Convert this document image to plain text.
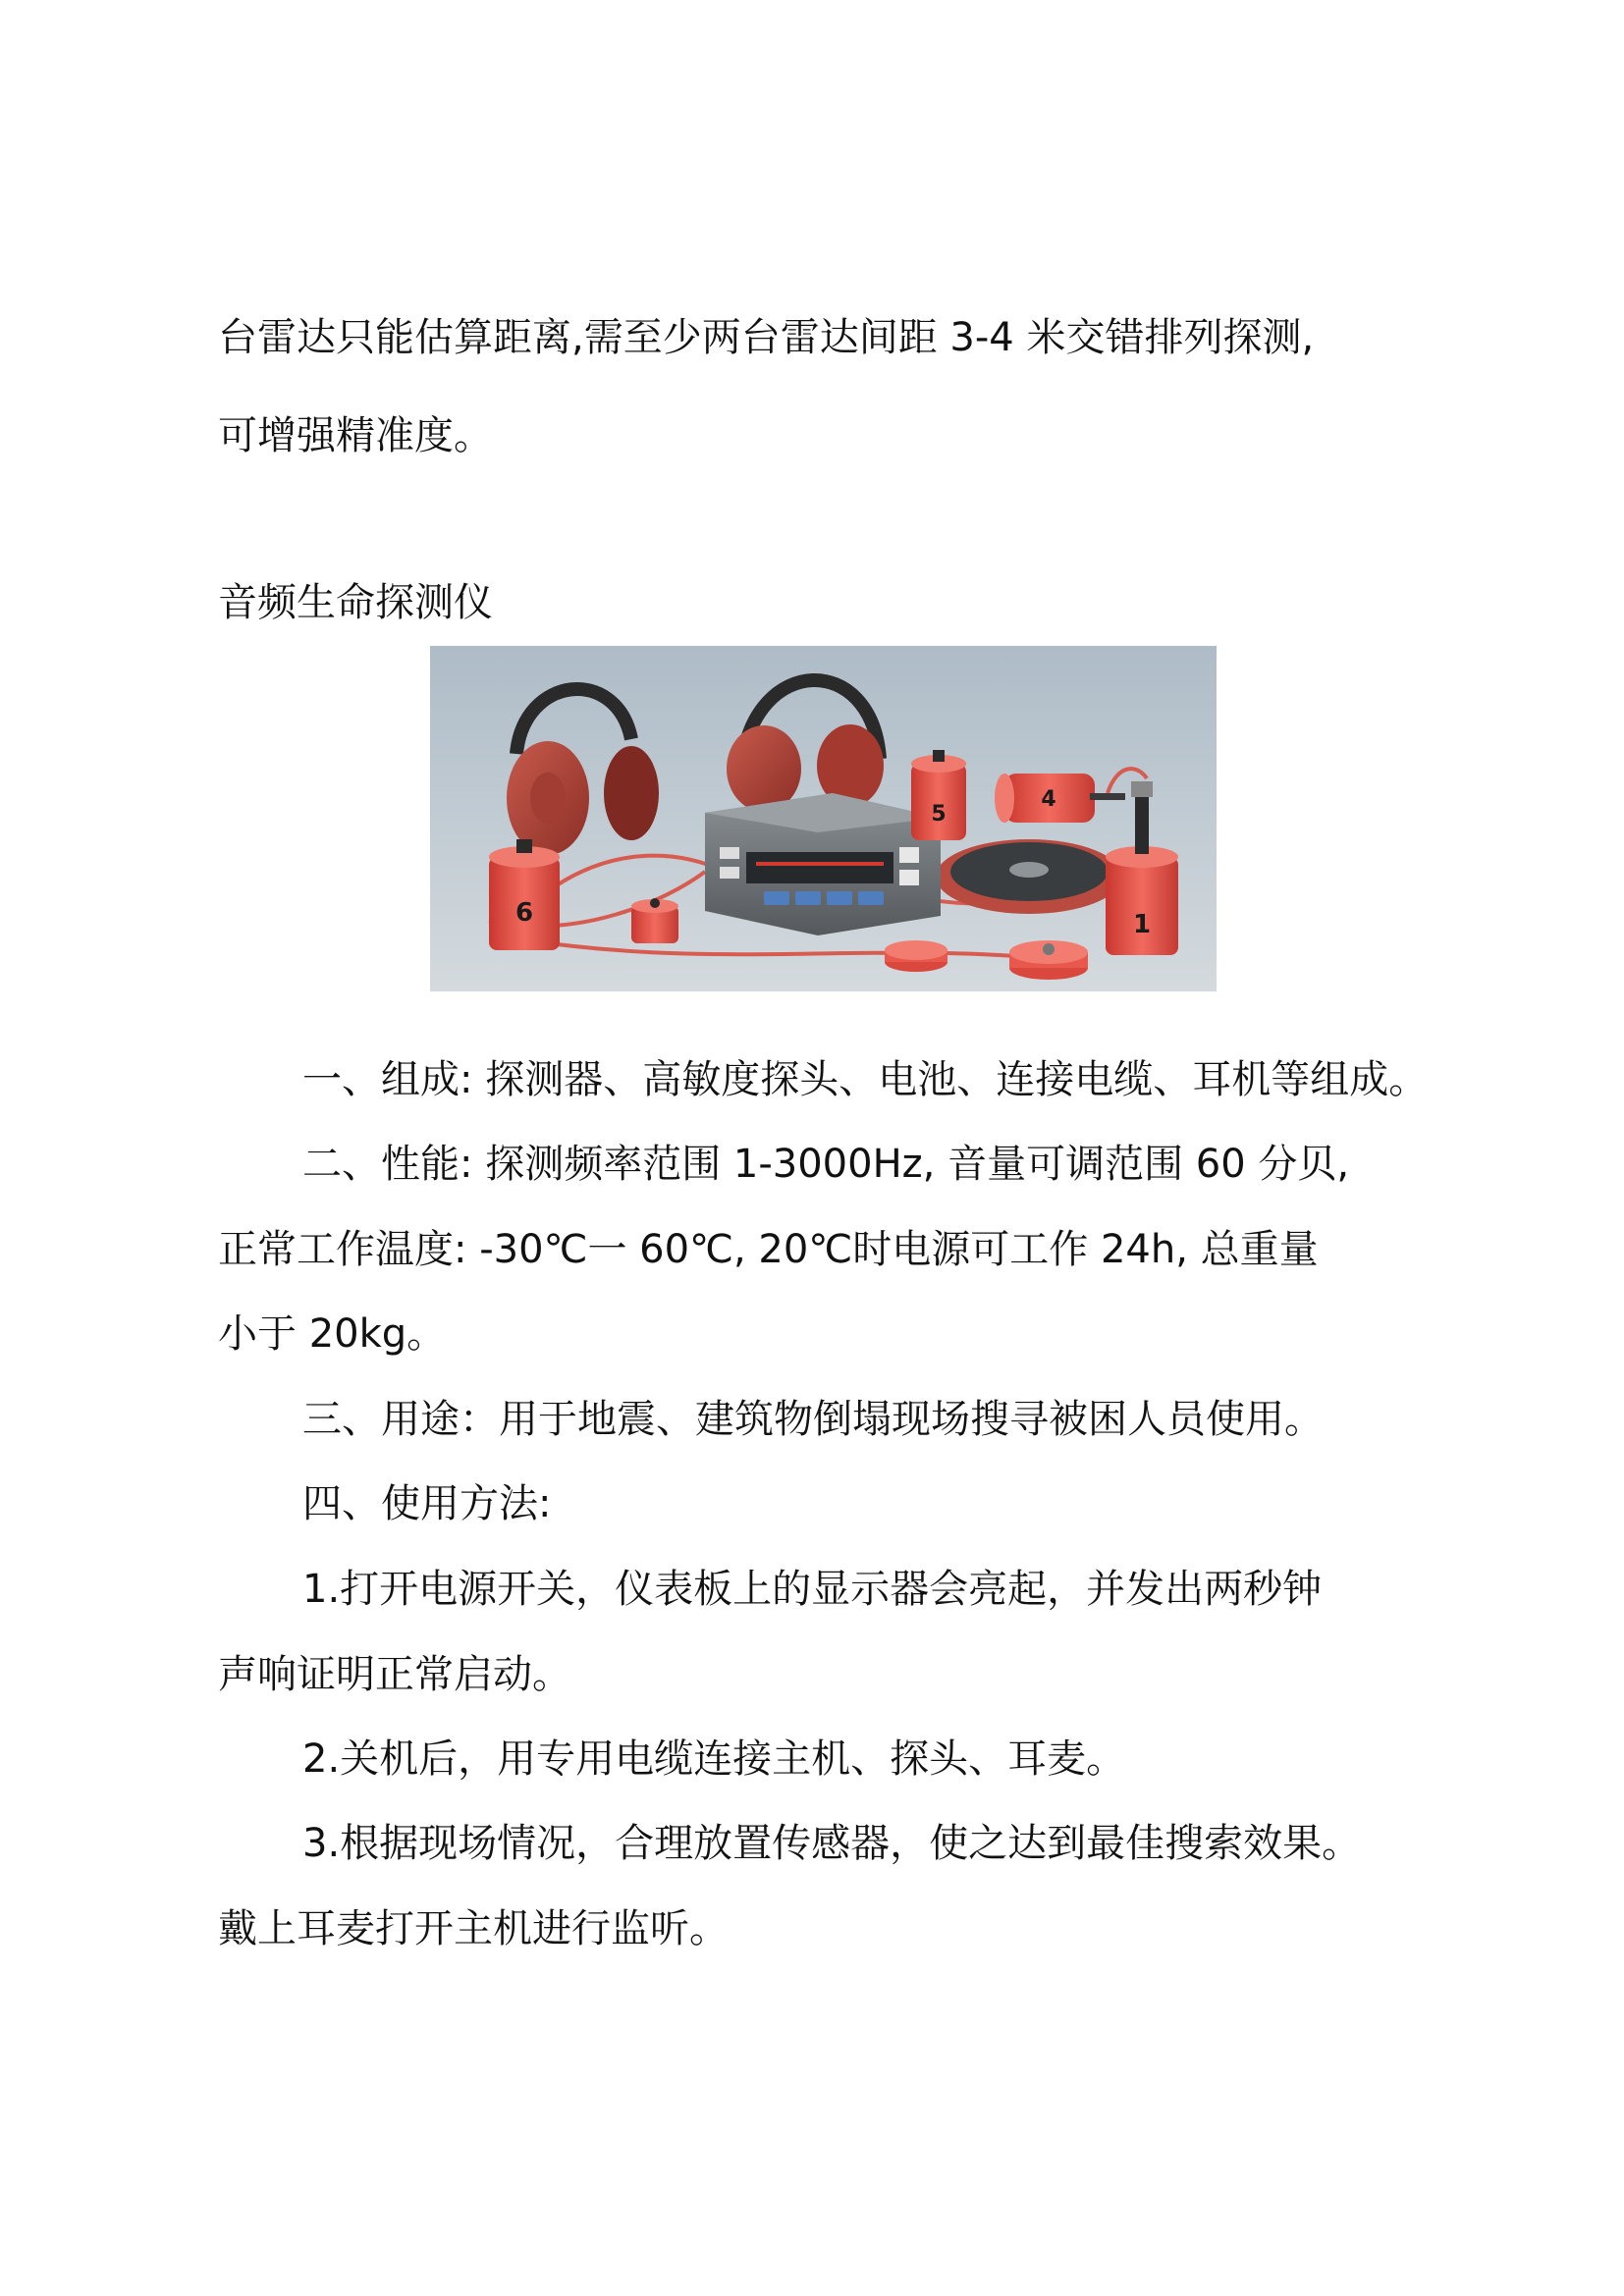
台雷达只能估算距离,需至少两台雷达间距 3-4 米交错排列探测,
可增强精准度。
音频生命探测仪
6
5
4
1
一、组成: 探测器、高敏度探头、电池、连接电缆、耳机等组成。
二、性能: 探测频率范围 1-3000Hz, 音量可调范围 60 分贝,
正常工作温度: -30℃一 60℃, 20℃时电源可工作 24h, 总重量
小于 20kg。
三、用途：用于地震、建筑物倒塌现场搜寻被困人员使用。
四、使用方法:
1.打开电源开关，仪表板上的显示器会亮起，并发出两秒钟
声响证明正常启动。
2.关机后，用专用电缆连接主机、探头、耳麦。
3.根据现场情况，合理放置传感器，使之达到最佳搜索效果。
戴上耳麦打开主机进行监听。
